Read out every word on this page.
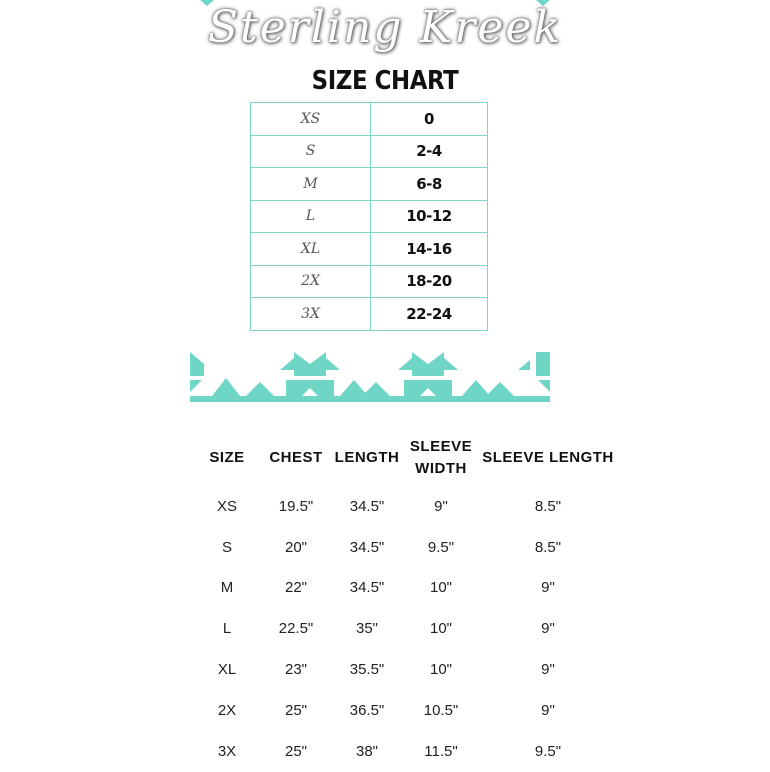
Sterling Kreek
SIZE CHART
XS	0
S	2-4
M	6-8
L	10-12
XL	14-16
2X	18-20
3X	22-24
SIZE	CHEST	LENGTH	SLEEVE WIDTH	SLEEVE LENGTH
XS	19.5"	34.5"	9"	8.5"
S	20"	34.5"	9.5"	8.5"
M	22"	34.5"	10"	9"
L	22.5"	35"	10"	9"
XL	23"	35.5"	10"	9"
2X	25"	36.5"	10.5"	9"
3X	25"	38"	11.5"	9.5"
